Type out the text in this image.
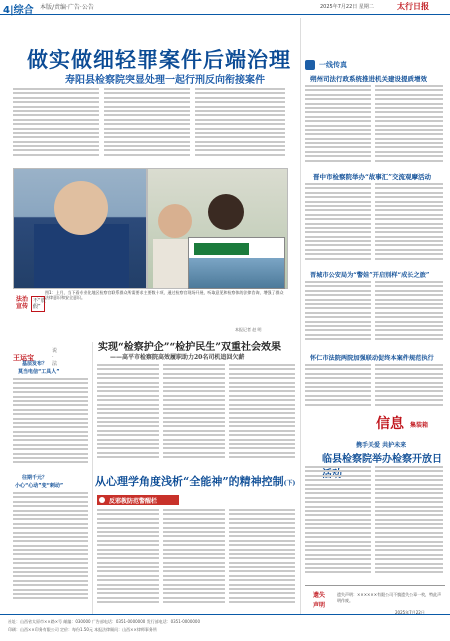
4|综合 本版/责编·广告·公告	2025年7月22日 星期二	太行日报
做实做细轻罪案件后端治理
寿阳县检察院突显处理一起行刑反向衔接案件
法治宣传
不“放假”
图1：上月，当下看专业化地区检察官联系群众所需要求主要数十项，通过检察官现场开展，听取意见和检察体的法律咨询，增强了群众法律意识和安全意识。
本报记者 赵 明
一线传真
朔州司法行政系统推进机关建设提质增效
晋中市检察院举办“故事汇”交流观摩活动
晋城市公安局为“警娃”开启别样“成长之旅”
怀仁市法院两院加强联动促终本案件规范执行
信息 集装箱
携手关爱 共护未来
临县检察院举办检察开放日
遗失
声明
遗失声明：××××××有限公司不慎遗失公章一枚，特此声明作废。
2025年7月22日
王运宝
说·法
基层发布？
莫当电信“工具人”
往期千元？
小心“心动”变“刺动”
实现“检察护企”“检护民生”双重社会效果
——高平市检察院高效履职助力20名司机追回欠薪
从心理学角度浅析“全能神”的精神控制(下)
反邪教防范警醒栏
社址：山西省太原市××路×号 邮编：030000 广告部电话：0351-0000000 发行部电话：0351-0000000
印刷：山西××印务有限公司 定价：每份1.50元 本报法律顾问：山西××律师事务所
